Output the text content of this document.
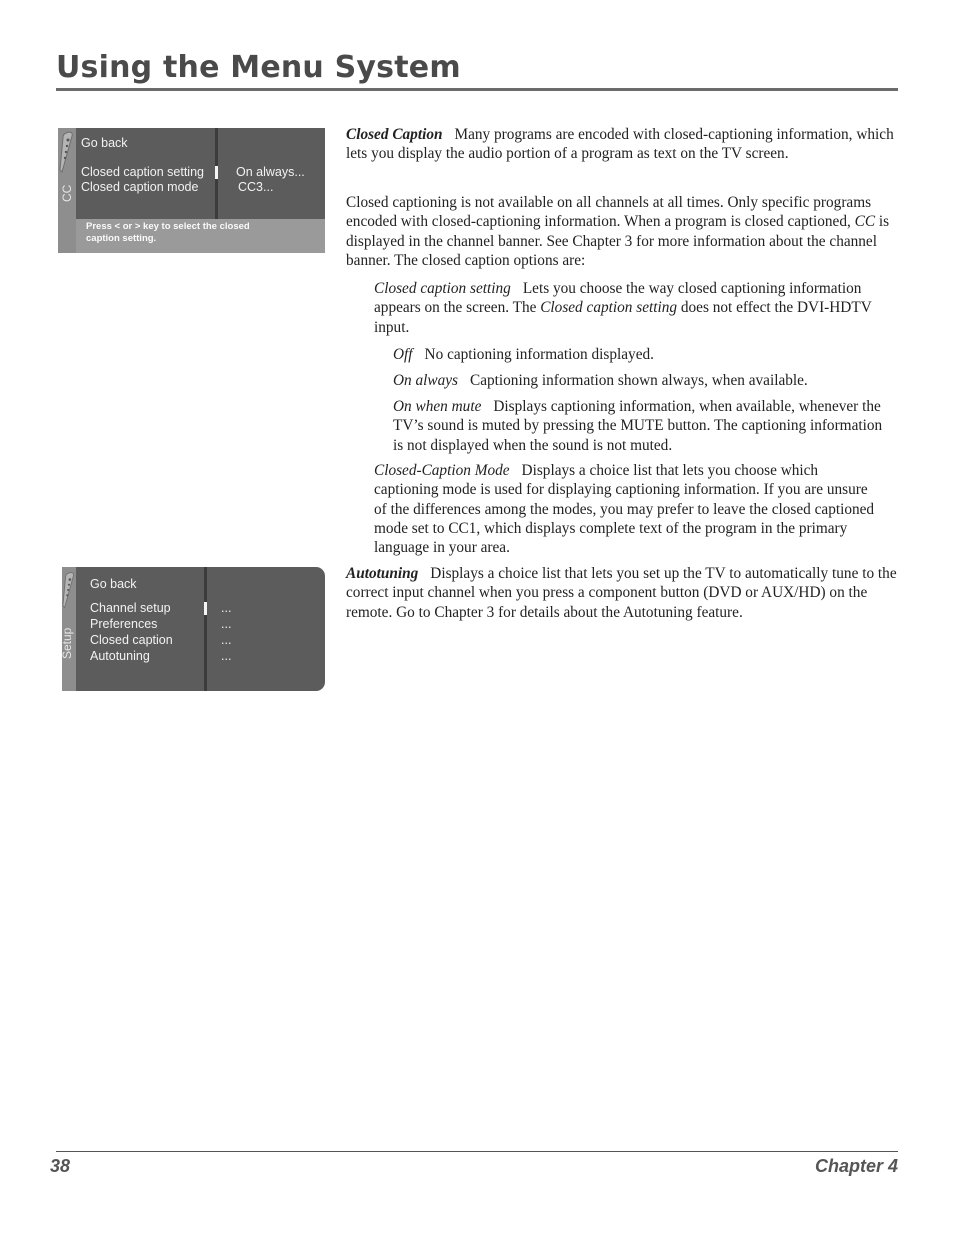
Using the Menu System
CC
Go back
Closed caption setting	On always...
Closed caption mode	CC3...
Press < or > key to select the closed
caption setting.
Setup
Go back
Channel setup	...
Preferences	...
Closed caption	...
Autotuning	...
Closed Caption Many programs are encoded with closed-captioning information, which lets you display the audio portion of a program as text on the TV screen.
Closed captioning is not available on all channels at all times. Only specific programs encoded with closed-captioning information. When a program is closed captioned, CC is displayed in the channel banner. See Chapter 3 for more information about the channel banner. The closed caption options are:
Closed caption setting Lets you choose the way closed captioning information appears on the screen. The Closed caption setting does not effect the DVI-HDTV input.
Off No captioning information displayed.
On always Captioning information shown always, when available.
On when mute Displays captioning information, when available, whenever the TV’s sound is muted by pressing the MUTE button. The captioning information is not displayed when the sound is not muted.
Closed-Caption Mode Displays a choice list that lets you choose which captioning mode is used for displaying captioning information. If you are unsure of the differences among the modes, you may prefer to leave the closed captioned mode set to CC1, which displays complete text of the program in the primary language in your area.
Autotuning Displays a choice list that lets you set up the TV to automatically tune to the correct input channel when you press a component button (DVD or AUX/HD) on the remote. Go to Chapter 3 for details about the Autotuning feature.
38	Chapter 4
